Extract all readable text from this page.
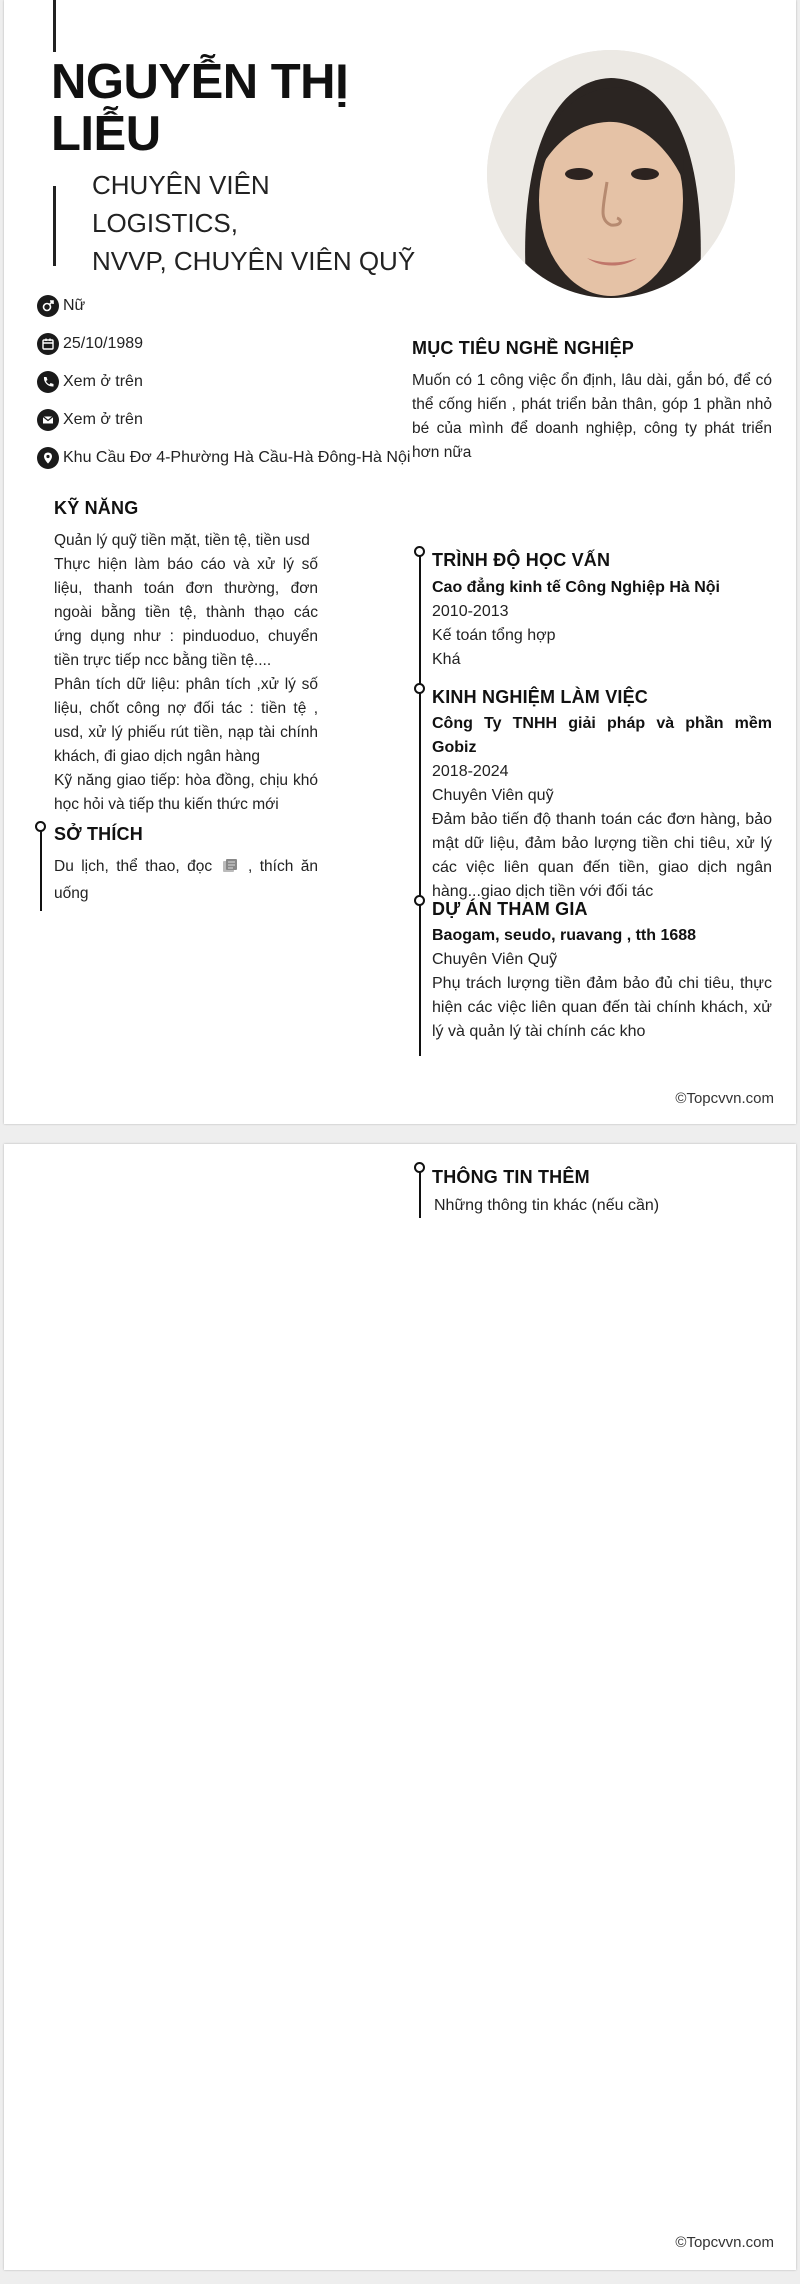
NGUYỄN THỊ
LIỄU
CHUYÊN VIÊN LOGISTICS,
NVVP, CHUYÊN VIÊN QUỸ
Nữ
25/10/1989
Xem ở trên
Xem ở trên
Khu Cầu Đơ 4-Phường Hà Cầu-Hà Đông-Hà Nội
MỤC TIÊU NGHỀ NGHIỆP
Muốn có 1 công việc ổn định, lâu dài, gắn bó, để có thể cống hiến , phát triển bản thân, góp 1 phần nhỏ bé của mình để doanh nghiệp, công ty phát triển hơn nữa
KỸ NĂNG

Quản lý quỹ tiền mặt, tiền tệ, tiền usd

Thực hiện làm báo cáo và xử lý số liệu, thanh toán đơn thường, đơn ngoài bằng tiền tệ, thành thạo các ứng dụng như : pinduoduo, chuyển tiền trực tiếp ncc bằng tiền tệ....

Phân tích dữ liệu: phân tích ,xử lý số liệu, chốt công nợ đối tác : tiền tệ , usd, xử lý phiếu rút tiền, nạp tài chính khách, đi giao dịch ngân hàng

Kỹ năng giao tiếp: hòa đồng, chịu khó học hỏi và tiếp thu kiến thức mới

SỞ THÍCH
Du lịch, thể thao, đọc , thích ăn uống
TRÌNH ĐỘ HỌC VẤN
Cao đẳng kinh tế Công Nghiệp Hà Nội
2010-2013
Kế toán tổng hợp
Khá
KINH NGHIỆM LÀM VIỆC
Công Ty TNHH giải pháp và phần mềm Gobiz
2018-2024
Chuyên Viên quỹ
Đảm bảo tiến độ thanh toán các đơn hàng, bảo mật dữ liệu, đảm bảo lượng tiền chi tiêu, xử lý các việc liên quan đến tiền, giao dịch ngân hàng...giao dịch tiền với đối tác
DỰ ÁN THAM GIA
Baogam, seudo, ruavang , tth 1688
Chuyên Viên Quỹ
Phụ trách lượng tiền đảm bảo đủ chi tiêu, thực hiện các việc liên quan đến tài chính khách, xử lý và quản lý tài chính các kho
©Topcvvn.com
THÔNG TIN THÊM
Những thông tin khác (nếu cần)
©Topcvvn.com
